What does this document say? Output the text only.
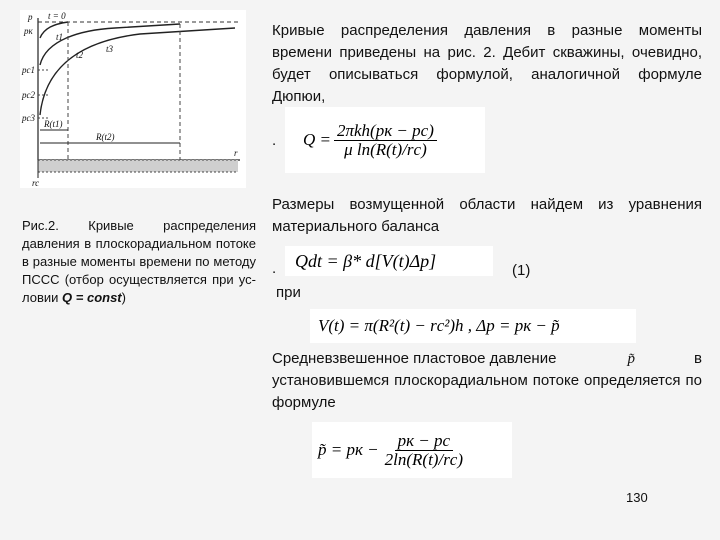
p t = 0
pк
t1
t2
t3
pс1
pс2
pс3
R(t1)
R(t2)
r
rc
Рис.2. Кривые распределения давления в плоскорадиальном потоке в разные моменты времени по методу ПСCC (отбор осуществляется при ус-ловии Q = const)
Кривые распределения давления в разные моменты времени приведены на рис. 2. Дебит скважины, очевидно, будет описываться формулой, аналогичной формуле Дюпюи,
. $Q = \frac{\text{2πkh(pк − pс)}}{\text{μ ln(R(t)/rс)}}$
Размеры возмущенной области найдем из уравнения материального баланса
. Qdt = β* d[V(t)Δp]	(1)
при
V(t) = π(R²(t) − rс²)h , Δp = pк − p̃
Средневзвешенное пластовое давление	p̃	в
установившемся плоскорадиальном потоке определяется по формуле
p̃ = pк − $\frac{pк - pс}{2\ln(R(t)/rс)}$
130
